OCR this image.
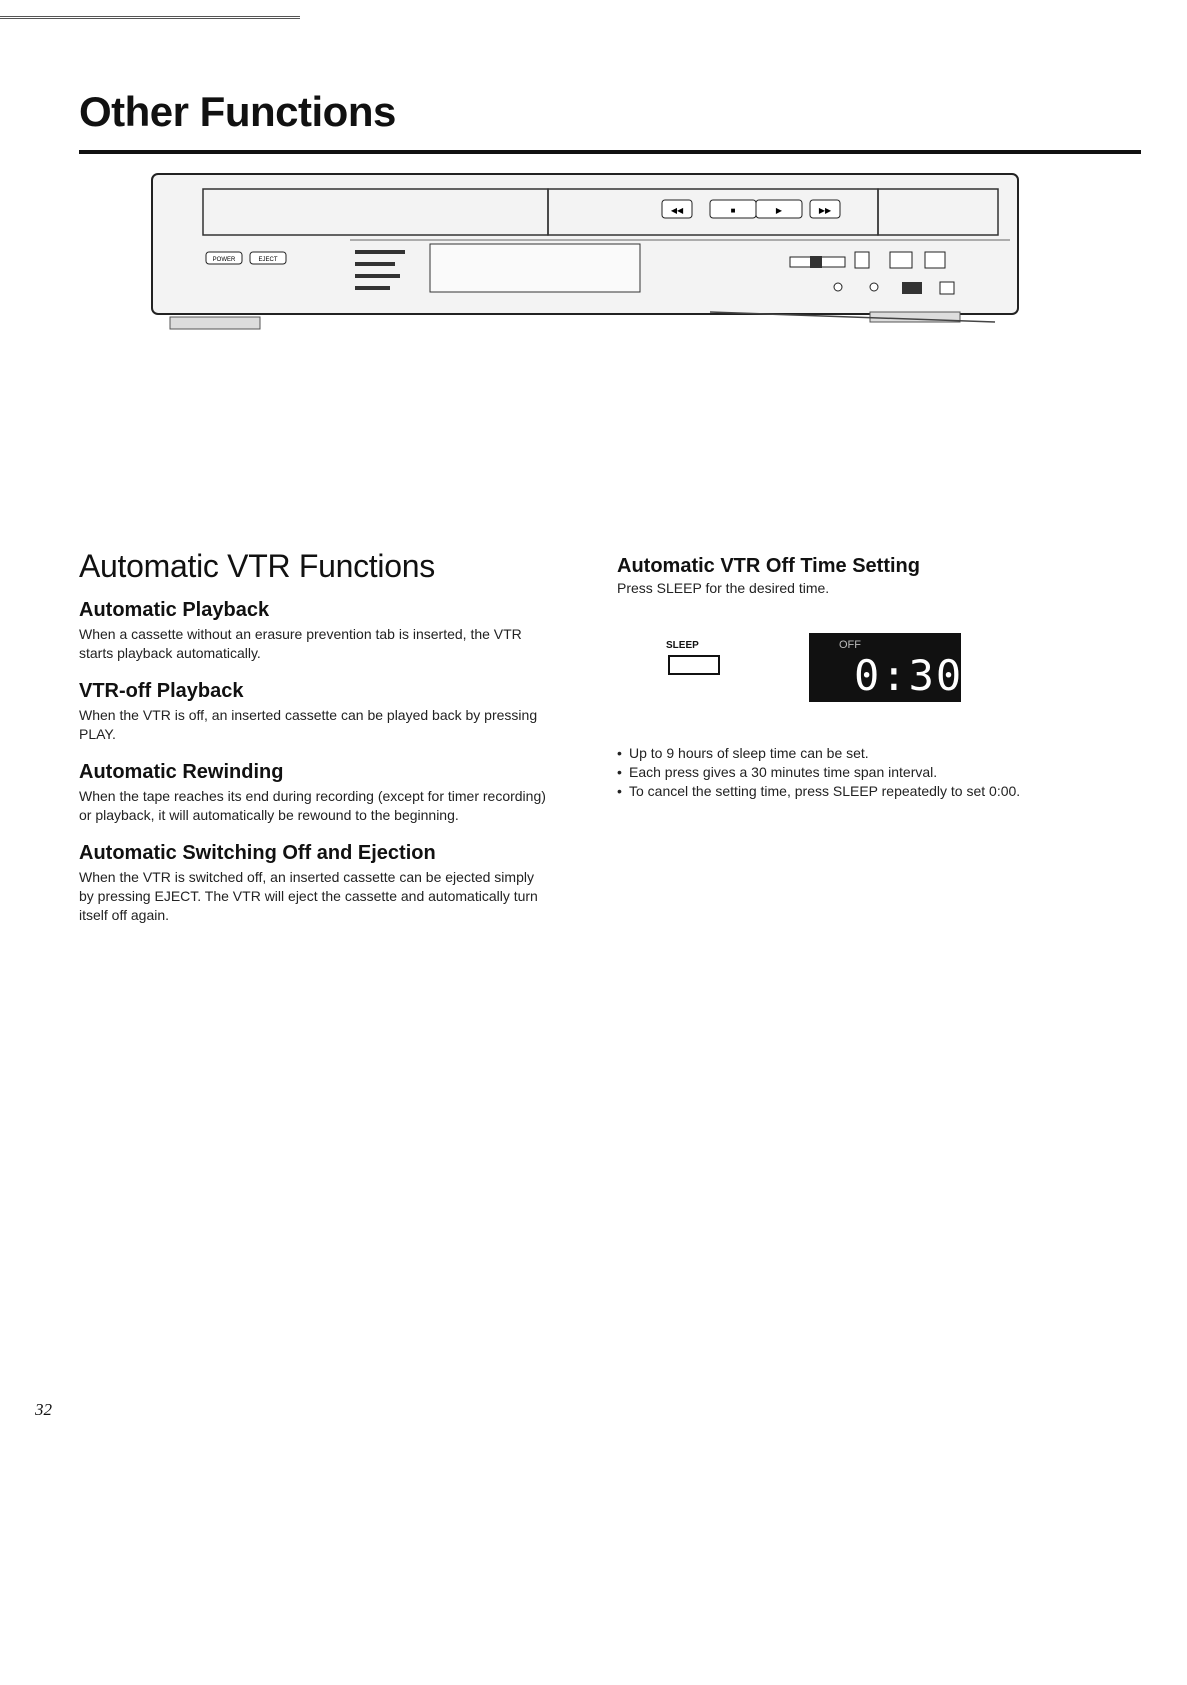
Other Functions
POWER	EJECT
◀◀	■	▶	▶▶
Automatic VTR Functions
Automatic Playback

When a cassette without an erasure prevention tab is inserted, the VTR starts playback automatically.

VTR-off Playback

When the VTR is off, an inserted cassette can be played back by pressing PLAY.

Automatic Rewinding

When the tape reaches its end during recording (except for timer recording) or playback, it will automatically be rewound to the beginning.

Automatic Switching Off and Ejection

When the VTR is switched off, an inserted cassette can be ejected simply by pressing EJECT. The VTR will eject the cassette and automatically turn itself off again.

Automatic VTR Off Time Setting

Press SLEEP for the desired time.

SLEEP	OFF
0:30
• Up to 9 hours of sleep time can be set.
• Each press gives a 30 minutes time span interval.
• To cancel the setting time, press SLEEP repeatedly to set 0:00.
32
